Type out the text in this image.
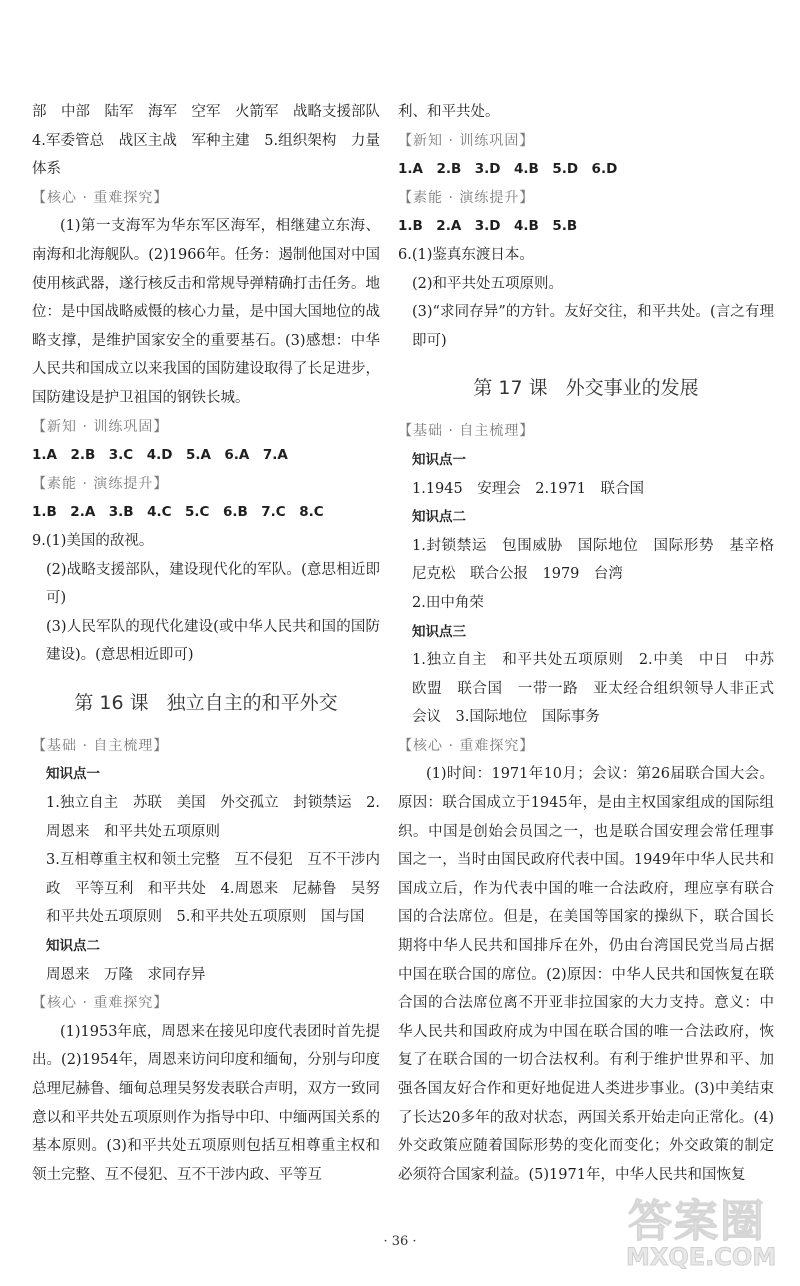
部　中部　陆军　海军　空军　火箭军　战略支援部队　4.军委管总　战区主战　军种主建　5.组织架构　力量体系

【核心 · 重难探究】

(1)第一支海军为华东军区海军，相继建立东海、南海和北海舰队。(2)1966年。任务：遏制他国对中国使用核武器，遂行核反击和常规导弹精确打击任务。地位：是中国战略威慑的核心力量，是中国大国地位的战略支撑，是维护国家安全的重要基石。(3)感想：中华人民共和国成立以来我国的国防建设取得了长足进步，国防建设是护卫祖国的钢铁长城。

【新知 · 训练巩固】

1.A　2.B　3.C　4.D　5.A　6.A　7.A

【素能 · 演练提升】

1.B　2.A　3.B　4.C　5.C　6.B　7.C　8.C

9.(1)美国的敌视。

(2)战略支援部队，建设现代化的军队。(意思相近即可)

(3)人民军队的现代化建设(或中华人民共和国的国防建设)。(意思相近即可)

第 16 课 独立自主的和平外交

【基础 · 自主梳理】

知识点一

1.独立自主　苏联　美国　外交孤立　封锁禁运　2.周恩来　和平共处五项原则

3.互相尊重主权和领土完整　互不侵犯　互不干涉内政　平等互利　和平共处　4.周恩来　尼赫鲁　吴努　和平共处五项原则　5.和平共处五项原则　国与国

知识点二

周恩来　万隆　求同存异

【核心 · 重难探究】

(1)1953年底，周恩来在接见印度代表团时首先提出。(2)1954年，周恩来访问印度和缅甸，分别与印度总理尼赫鲁、缅甸总理吴努发表联合声明，双方一致同意以和平共处五项原则作为指导中印、中缅两国关系的基本原则。(3)和平共处五项原则包括互相尊重主权和领土完整、互不侵犯、互不干涉内政、平等互

利、和平共处。

【新知 · 训练巩固】

1.A　2.B　3.D　4.B　5.D　6.D

【素能 · 演练提升】

1.B　2.A　3.D　4.B　5.B

6.(1)鉴真东渡日本。

(2)和平共处五项原则。

(3)“求同存异”的方针。友好交往，和平共处。(言之有理即可)

第 17 课 外交事业的发展

【基础 · 自主梳理】

知识点一

1.1945　安理会　2.1971　联合国

知识点二

1.封锁禁运　包围威胁　国际地位　国际形势　基辛格　尼克松　联合公报　1979　台湾

2.田中角荣

知识点三

1.独立自主　和平共处五项原则　2.中美　中日　中苏　欧盟　联合国　一带一路　亚太经合组织领导人非正式会议　3.国际地位　国际事务

【核心 · 重难探究】

(1)时间：1971年10月；会议：第26届联合国大会。原因：联合国成立于1945年，是由主权国家组成的国际组织。中国是创始会员国之一，也是联合国安理会常任理事国之一，当时由国民政府代表中国。1949年中华人民共和国成立后，作为代表中国的唯一合法政府，理应享有联合国的合法席位。但是，在美国等国家的操纵下，联合国长期将中华人民共和国排斥在外，仍由台湾国民党当局占据中国在联合国的席位。(2)原因：中华人民共和国恢复在联合国的合法席位离不开亚非拉国家的大力支持。意义：中华人民共和国政府成为中国在联合国的唯一合法政府，恢复了在联合国的一切合法权利。有利于维护世界和平、加强各国友好合作和更好地促进人类进步事业。(3)中美结束了长达20多年的敌对状态，两国关系开始走向正常化。(4)外交政策应随着国际形势的变化而变化；外交政策的制定必须符合国家利益。(5)1971年，中华人民共和国恢复

· 36 ·	答案圈
MXQE.COM
